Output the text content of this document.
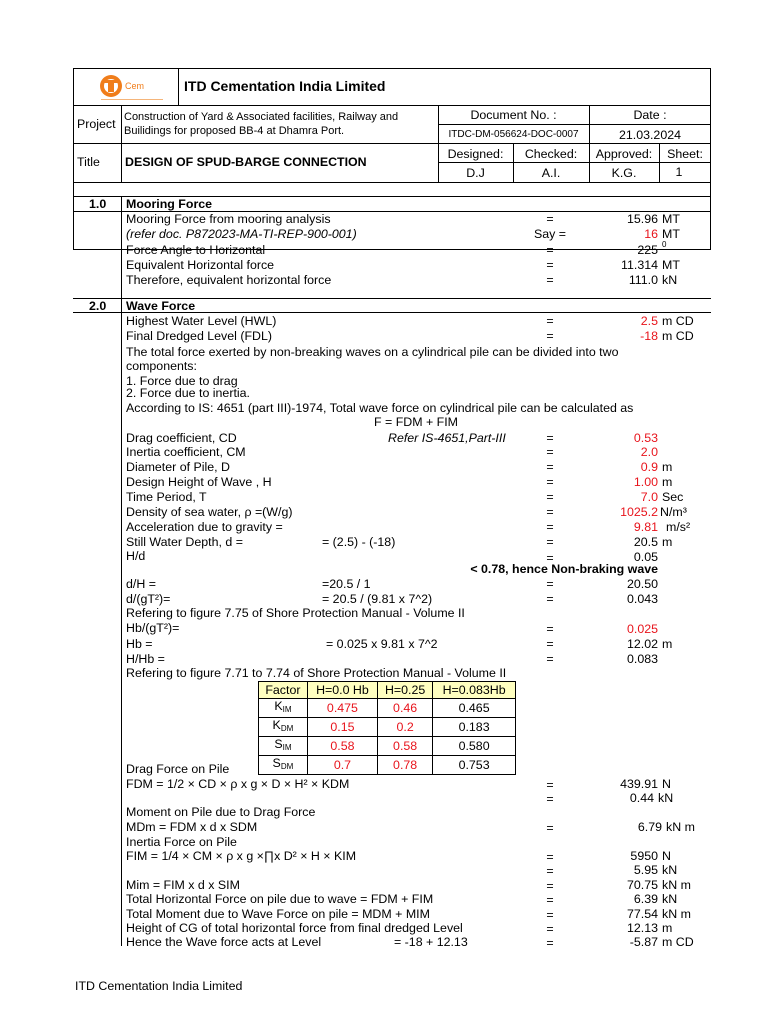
Cem	ITD Cementation India Limited
Project Construction of Yard & Associated facilities, Railway and
Builidings for proposed BB-4 at Dhamra Port.
Document No. :
ITDC-DM-056624-DOC-0007
Date :
21.03.2024
Title DESIGN OF SPUD-BARGE CONNECTION
Designed:
D.J
Checked:
A.I.
Approved:
K.G.
Sheet:
1
1.0 Mooring Force
Mooring Force from mooring analysis	=	15.96 MT
(refer doc. P872023-MA-TI-REP-900-001)	Say =	16 MT
Force Angle to Horizontal	=	225 0
Equivalent Horizontal force	=	11.314 MT
Therefore, equivalent horizontal force	=	111.0 kN
2.0 Wave Force
Highest Water Level (HWL)	=	2.5 m CD
Final Dredged Level (FDL)	=	-18 m CD
The total force exerted by non-breaking waves on a cylindrical pile can be divided into two
components:
1. Force due to drag
2. Force due to inertia.
According to IS: 4651 (part III)-1974, Total wave force on cylindrical pile can be calculated as
F = FDM + FIM
Drag coefficient, CD	Refer IS-4651,Part-III	=	0.53
Inertia coefficient, CM	=	2.0
Diameter of Pile, D	=	0.9 m
Design Height of Wave , H	=	1.00 m
Time Period, T	=	7.0 Sec
Density of sea water, ρ =(W/g)	=	1025.2 N/m³
Acceleration due to gravity =	=	9.81 m/s²
Still Water Depth, d =	= (2.5) - (-18)	=	20.5 m
H/d	=	0.05
< 0.78, hence Non-braking wave
d/H =	=20.5 / 1	=	20.50
d/(gT²)=	= 20.5 / (9.81 x 7^2)	=	0.043
Refering to figure 7.75 of Shore Protection Manual - Volume II
Hb/(gT²)=	=	0.025
Hb =	= 0.025 x 9.81 x 7^2	=	12.02 m
H/Hb =	=	0.083
Refering to figure 7.71 to 7.74 of Shore Protection Manual - Volume II
Factor	H=0.0 Hb	H=0.25	H=0.083Hb
$K_{IM}$	0.475	0.46	0.465
$K_{DM}$	0.15	0.2	0.183
$S_{IM}$	0.58	0.58	0.580
$S_{DM}$	0.7	0.78	0.753
Drag Force on Pile
FDM = 1/2 × CD × ρ x g × D × H² × KDM	=	439.91 N
=	0.44 kN
Moment on Pile due to Drag Force
MDm = FDM x d x SDM	=	6.79 kN m
Inertia Force on Pile
FIM = 1/4 × CM × ρ x g ×∏x D² × H × KIM	=	5950 N
=	5.95 kN
Mim = FIM x d x SIM	=	70.75 kN m
Total Horizontal Force on pile due to wave = FDM + FIM	=	6.39 kN
Total Moment due to Wave Force on pile = MDM + MIM	=	77.54 kN m
Height of CG of total horizontal force from final dredged Level	=	12.13 m
Hence the Wave force acts at Level	= -18 + 12.13	=	-5.87 m CD
ITD Cementation India Limited
